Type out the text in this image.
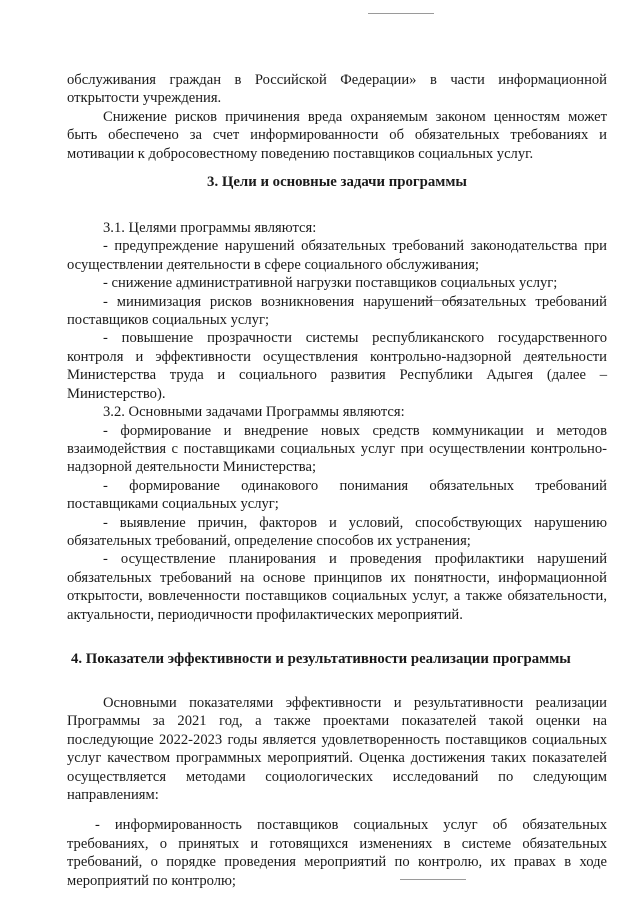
обслуживания граждан в Российской Федерации» в части информационной открытости учреждения.

Снижение рисков причинения вреда охраняемым законом ценностям может быть обеспечено за счет информированности об обязательных требованиях и мотивации к добросовестному поведению поставщиков социальных услуг.

3. Цели и основные задачи программы

3.1. Целями программы являются:

- предупреждение нарушений обязательных требований законодательства при осуществлении деятельности в сфере социального обслуживания;

- снижение административной нагрузки поставщиков социальных услуг;

- минимизация рисков возникновения нарушений обязательных требований поставщиков социальных услуг;

- повышение прозрачности системы республиканского государственного контроля и эффективности осуществления контрольно-надзорной деятельности Министерства труда и социального развития Республики Адыгея (далее – Министерство).

3.2. Основными задачами Программы являются:

- формирование и внедрение новых средств коммуникации и методов взаимодействия с поставщиками социальных услуг при осуществлении контрольно-надзорной деятельности Министерства;

- формирование одинакового понимания обязательных требований поставщиками социальных услуг;

- выявление причин, факторов и условий, способствующих нарушению обязательных требований, определение способов их устранения;

- осуществление планирования и проведения профилактики нарушений обязательных требований на основе принципов их понятности, информационной открытости, вовлеченности поставщиков социальных услуг, а также обязательности, актуальности, периодичности профилактических мероприятий.

4. Показатели эффективности и результативности реализации программы

Основными показателями эффективности и результативности реализации Программы за 2021 год, а также проектами показателей такой оценки на последующие 2022-2023 годы является удовлетворенность поставщиков социальных услуг качеством программных мероприятий. Оценка достижения таких показателей осуществляется методами социологических исследований по следующим направлениям:

- информированность поставщиков социальных услуг об обязательных требованиях, о принятых и готовящихся изменениях в системе обязательных требований, о порядке проведения мероприятий по контролю, их правах в ходе мероприятий по контролю;
